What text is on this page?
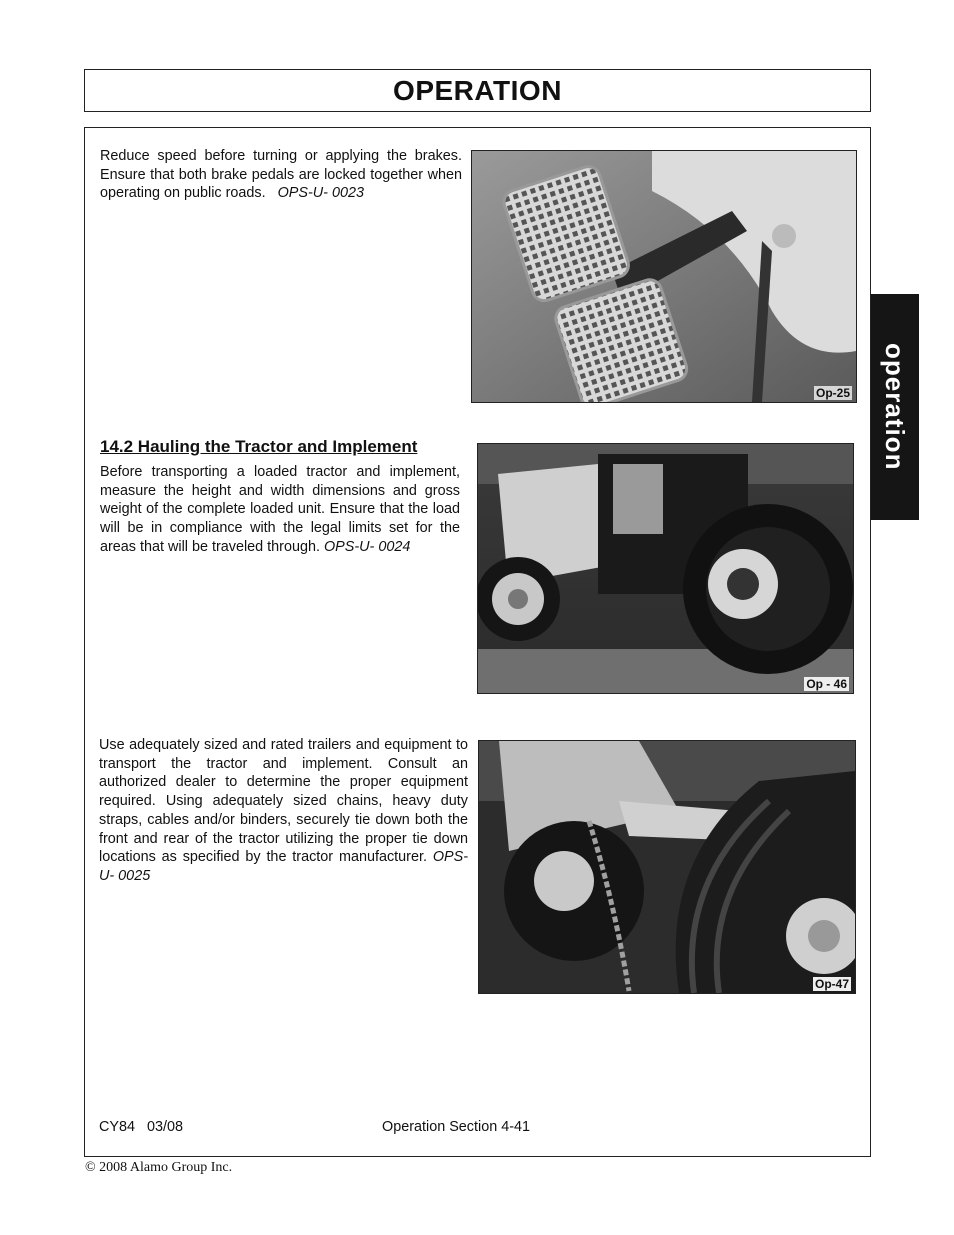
OPERATION
operation
Reduce speed before turning or applying the brakes. Ensure that both brake pedals are locked together when operating on public roads. OPS-U- 0023
Op-25
14.2 Hauling the Tractor and Implement
Before transporting a loaded tractor and implement, measure the height and width dimensions and gross weight of the complete loaded unit. Ensure that the load will be in compliance with the legal limits set for the areas that will be traveled through. OPS-U- 0024
Op - 46
Use adequately sized and rated trailers and equipment to transport the tractor and implement. Consult an authorized dealer to determine the proper equipment required. Using adequately sized chains, heavy duty straps, cables and/or binders, securely tie down both the front and rear of the tractor utilizing the proper tie down locations as specified by the tractor manufacturer. OPS-U- 0025
Op-47
CY84 03/08	Operation Section 4-41
© 2008 Alamo Group Inc.
